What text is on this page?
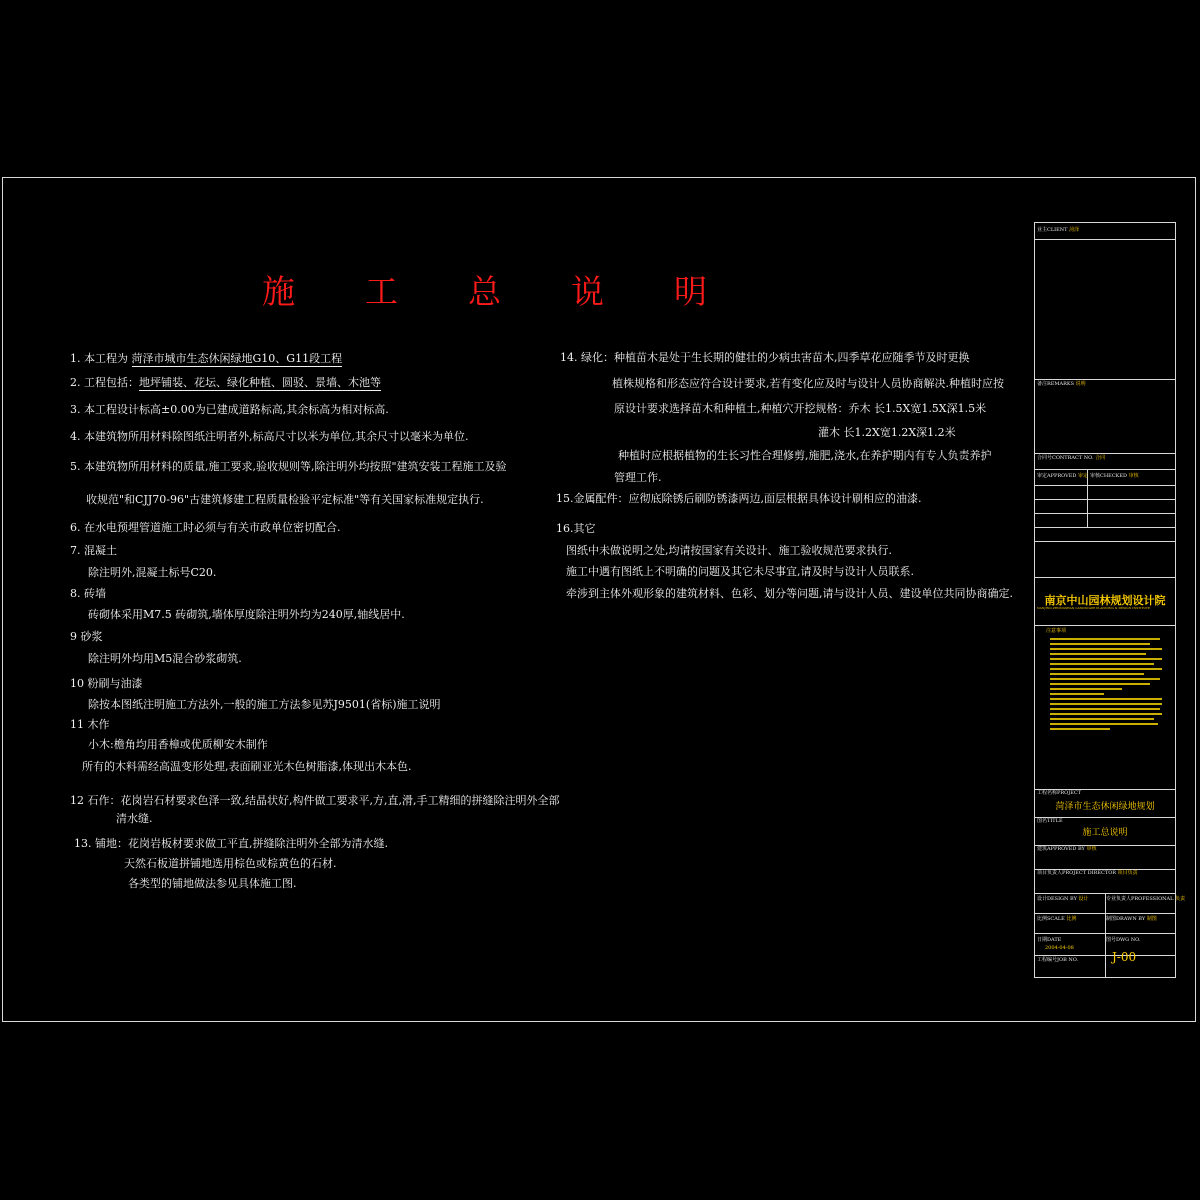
施 工 总 说 明
1. 本工程为 菏泽市城市生态休闲绿地G10、G11段工程
2. 工程包括：地坪铺装、花坛、绿化种植、圆驳、景墙、木池等
3. 本工程设计标高±0.00为已建成道路标高,其余标高为相对标高.
4. 本建筑物所用材料除图纸注明者外,标高尺寸以米为单位,其余尺寸以毫米为单位.
5. 本建筑物所用材料的质量,施工要求,验收规则等,除注明外均按照"建筑安装工程施工及验
收规范"和CJJ70-96"古建筑修建工程质量检验平定标准"等有关国家标准规定执行.
6. 在水电预埋管道施工时必须与有关市政单位密切配合.
7. 混凝土
除注明外,混凝土标号C20.
8. 砖墙
砖砌体采用M7.5 砖砌筑,墙体厚度除注明外均为240厚,轴线居中.
9 砂浆
除注明外均用M5混合砂浆砌筑.
10 粉刷与油漆
除按本图纸注明施工方法外,一般的施工方法参见苏J9501(省标)施工说明
11 木作
小木:檐角均用香樟或优质柳安木制作
所有的木料需经高温变形处理,表面刷亚光木色树脂漆,体现出木本色.
12 石作：花岗岩石材要求色泽一致,结晶状好,构件做工要求平,方,直,滑,手工精细的拼缝除注明外全部
清水缝.
13. 铺地：花岗岩板材要求做工平直,拼缝除注明外全部为清水缝.
天然石板道拼铺地选用棕色或棕黄色的石材.
各类型的铺地做法参见具体施工图.
14. 绿化：种植苗木是处于生长期的健壮的少病虫害苗木,四季草花应随季节及时更换
植株规格和形态应符合设计要求,若有变化应及时与设计人员协商解决.种植时应按
原设计要求选择苗木和种植土,种植穴开挖规格：乔木 长1.5X宽1.5X深1.5米
灌木 长1.2X宽1.2X深1.2米
种植时应根据植物的生长习性合理修剪,施肥,浇水,在养护期内有专人负责养护
管理工作.
15.金属配件：应彻底除锈后刷防锈漆两边,面层根据具体设计刷相应的油漆.
16.其它
图纸中未做说明之处,均请按国家有关设计、施工验收规范要求执行.
施工中遇有图纸上不明确的问题及其它未尽事宜,请及时与设计人员联系.
牵涉到主体外观形象的建筑材料、色彩、划分等问题,请与设计人员、建设单位共同协商确定.
业主CLIENT 菏泽
备注REMARKS 说明
合同号CONTRACT NO. 合同
审定APPROVED 审定 审核CHECKED 审核
南京中山园林规划设计院
NANJING ZHONGSHAN LANDSCAPE PLANNING & DESIGN INSTITUTE
注意事项
工程名称PROJECT
菏泽市生态休闲绿地规划
图名TITLE
施工总说明
建筑APPROVED BY 审核
项目负责人PROJECT DIRECTOR 项目负责
设计DESIGN BY 设计	专业负责人PROFESSIONAL 负责
比例SCALE 比例	制图DRAWN BY 制图
日期DATE
2004-04-08
工程编号JOB NO.
图号DWG NO.
J-00
